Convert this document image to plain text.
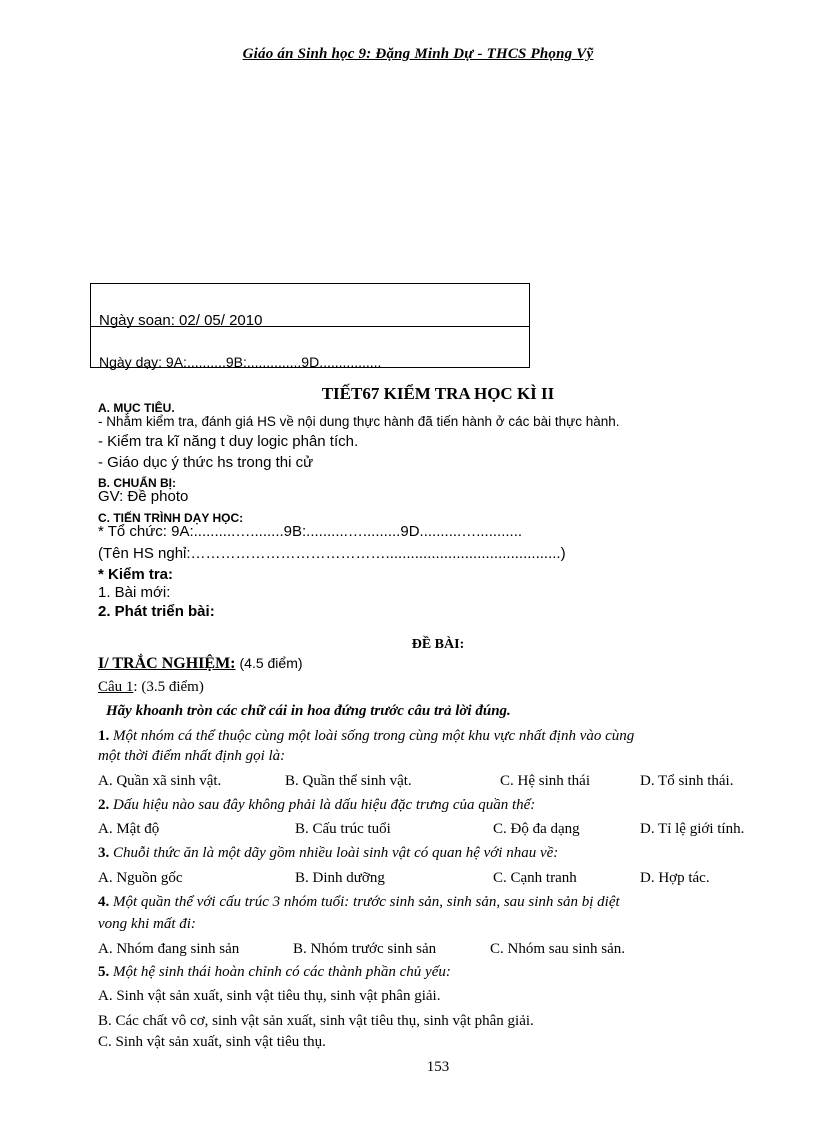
Giáo án Sinh học 9: Đặng Minh Dự - THCS Phọng Vỹ
Ngày soạn: 02/ 05/ 2010
Ngày dạy: 9A:..........9B:..............9D................
TIẾT67 KIỂM TRA HỌC KÌ II
A. MỤC TIÊU.
- Nhằm kiểm tra, đánh giá HS về nội dung thực hành đã tiến hành ở các bài thực hành.
- Kiểm tra kĩ năng t duy logic phân tích.
- Giáo dục ý thức hs trong thi cử
B. CHUẨN BỊ:
GV: Đề photo
C. TIẾN TRÌNH DẠY HỌC:
* Tổ chức: 9A:..........…........9B:..........….........9D..........…...........
(Tên HS nghỉ:…………………………………..........................................)
* Kiểm tra:
1. Bài mới:
2. Phát triển bài:
ĐỀ BÀI:
I/ TRẮC NGHIỆM: (4.5 điểm)
Câu 1: (3.5 điểm)
Hãy khoanh tròn các chữ cái in hoa đứng trước câu trả lời đúng.
1. Một nhóm cá thể thuộc cùng một loài sống trong cùng một khu vực nhất định vào cùng
một thời điểm nhất định gọi là:
A. Quần xã sinh vật.	B. Quần thể sinh vật.	C. Hệ sinh thái	D. Tổ sinh thái.
2. Dấu hiệu nào sau đây không phải là dấu hiệu đặc trưng của quần thể:
A. Mật độ	B. Cấu trúc tuổi	C. Độ đa dạng	D. Tỉ lệ giới tính.
3. Chuỗi thức ăn là một dãy gồm nhiều loài sinh vật có quan hệ với nhau về:
A. Nguồn gốc	B. Dinh dưỡng	C. Cạnh tranh	D. Hợp tác.
4. Một quần thể với cấu trúc 3 nhóm tuổi: trước sinh sản, sinh sản, sau sinh sản bị diệt
vong khi mất đi:
A. Nhóm đang sinh sản	B. Nhóm trước sinh sản	C. Nhóm sau sinh sản.
5. Một hệ sinh thái hoàn chỉnh có các thành phần chủ yếu:
A. Sinh vật sản xuất, sinh vật tiêu thụ, sinh vật phân giải.
B. Các chất vô cơ, sinh vật sản xuất, sinh vật tiêu thụ, sinh vật phân giải.
C. Sinh vật sản xuất, sinh vật tiêu thụ.
153
